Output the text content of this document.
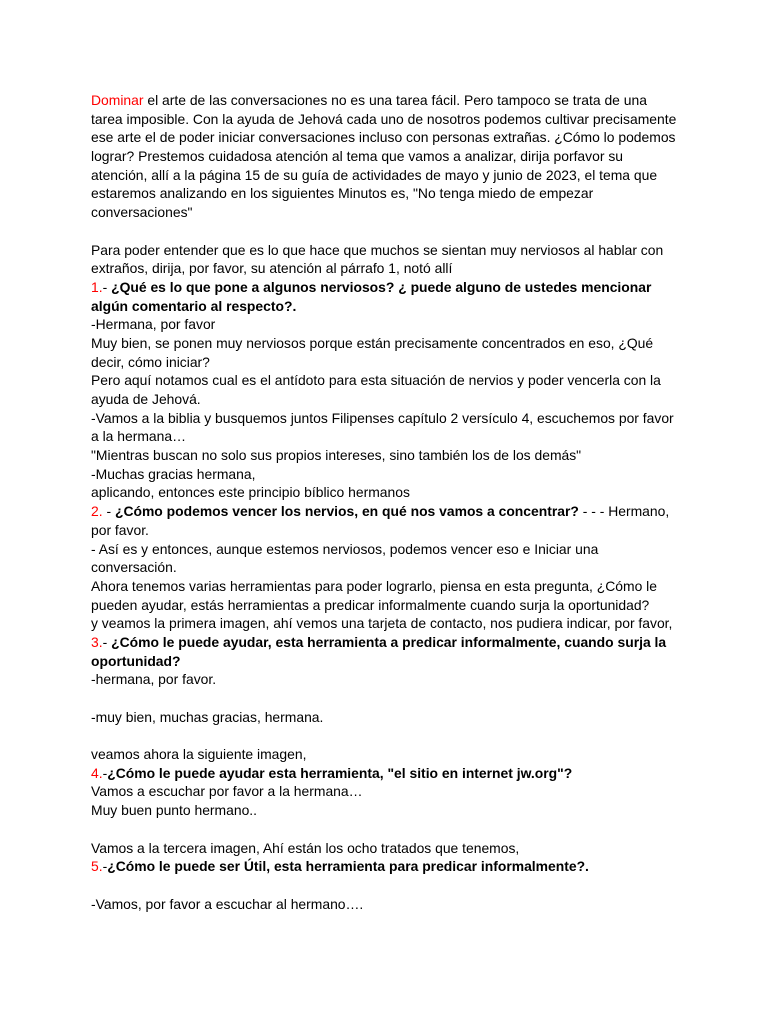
Dominar el arte de las conversaciones no es una tarea fácil. Pero tampoco se trata de una
tarea imposible. Con la ayuda de Jehová cada uno de nosotros podemos cultivar precisamente
ese arte el de poder iniciar conversaciones incluso con personas extrañas. ¿Cómo lo podemos
lograr? Prestemos cuidadosa atención al tema que vamos a analizar, dirija porfavor su
atención, allí a la página 15 de su guía de actividades de mayo y junio de 2023, el tema que
estaremos analizando en los siguientes Minutos es, "No tenga miedo de empezar
conversaciones"
Para poder entender que es lo que hace que muchos se sientan muy nerviosos al hablar con
extraños, dirija, por favor, su atención al párrafo 1, notó allí
1.- ¿Qué es lo que pone a algunos nerviosos? ¿ puede alguno de ustedes mencionar
algún comentario al respecto?.
-Hermana, por favor
Muy bien, se ponen muy nerviosos porque están precisamente concentrados en eso, ¿Qué
decir, cómo iniciar?
Pero aquí notamos cual es el antídoto para esta situación de nervios y poder vencerla con la
ayuda de Jehová.
-Vamos a la biblia y busquemos juntos Filipenses capítulo 2 versículo 4, escuchemos por favor
a la hermana…
"Mientras buscan no solo sus propios intereses, sino también los de los demás"
-Muchas gracias hermana,
aplicando, entonces este principio bíblico hermanos
2. - ¿Cómo podemos vencer los nervios, en qué nos vamos a concentrar? - - - Hermano,
por favor.
- Así es y entonces, aunque estemos nerviosos, podemos vencer eso e Iniciar una
conversación.
Ahora tenemos varias herramientas para poder lograrlo, piensa en esta pregunta, ¿Cómo le
pueden ayudar, estás herramientas a predicar informalmente cuando surja la oportunidad?
y veamos la primera imagen, ahí vemos una tarjeta de contacto, nos pudiera indicar, por favor,
3.- ¿Cómo le puede ayudar, esta herramienta a predicar informalmente, cuando surja la
oportunidad?
-hermana, por favor.
-muy bien, muchas gracias, hermana.
veamos ahora la siguiente imagen,
4.-¿Cómo le puede ayudar esta herramienta, "el sitio en internet jw.org"?
Vamos a escuchar por favor a la hermana…
Muy buen punto hermano..
Vamos a la tercera imagen, Ahí están los ocho tratados que tenemos,
5.-¿Cómo le puede ser Útil, esta herramienta para predicar informalmente?.
-Vamos, por favor a escuchar al hermano….
